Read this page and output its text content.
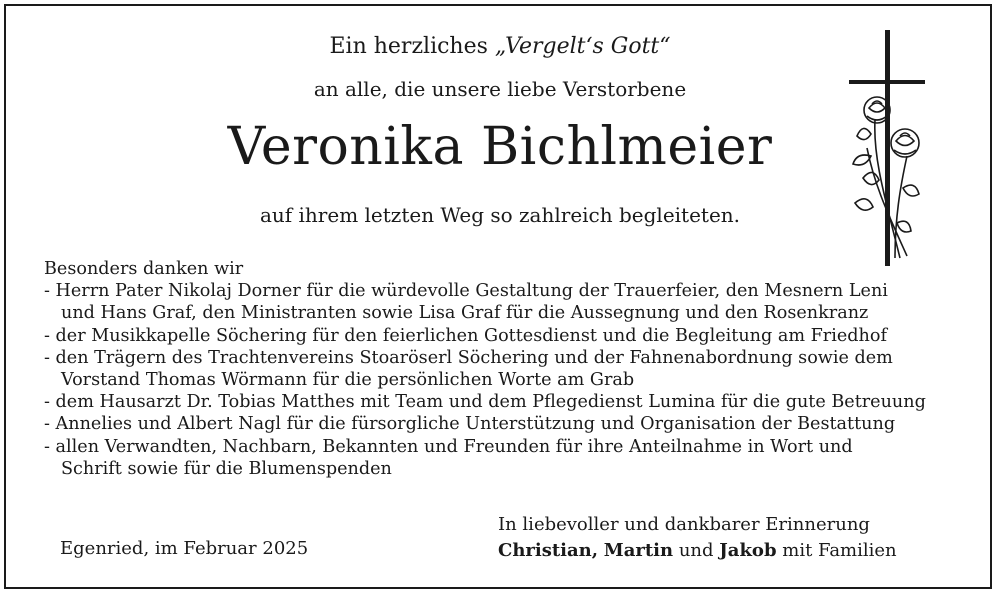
Ein herzliches „Vergelt‘s Gott“
an alle, die unsere liebe Verstorbene
Veronika Bichlmeier
auf ihrem letzten Weg so zahlreich begleiteten.
Besonders danken wir
- Herrn Pater Nikolaj Dorner für die würdevolle Gestaltung der Trauerfeier, den Mesnern Leni
und Hans Graf, den Ministranten sowie Lisa Graf für die Aussegnung und den Rosenkranz
- der Musikkapelle Söchering für den feierlichen Gottesdienst und die Begleitung am Friedhof
- den Trägern des Trachtenvereins Stoaröserl Söchering und der Fahnenabordnung sowie dem
Vorstand Thomas Wörmann für die persönlichen Worte am Grab
- dem Hausarzt Dr. Tobias Matthes mit Team und dem Pflegedienst Lumina für die gute Betreuung
- Annelies und Albert Nagl für die fürsorgliche Unterstützung und Organisation der Bestattung
- allen Verwandten, Nachbarn, Bekannten und Freunden für ihre Anteilnahme in Wort und
Schrift sowie für die Blumenspenden
In liebevoller und dankbarer Erinnerung
Christian, Martin und Jakob mit Familien
Egenried, im Februar 2025
